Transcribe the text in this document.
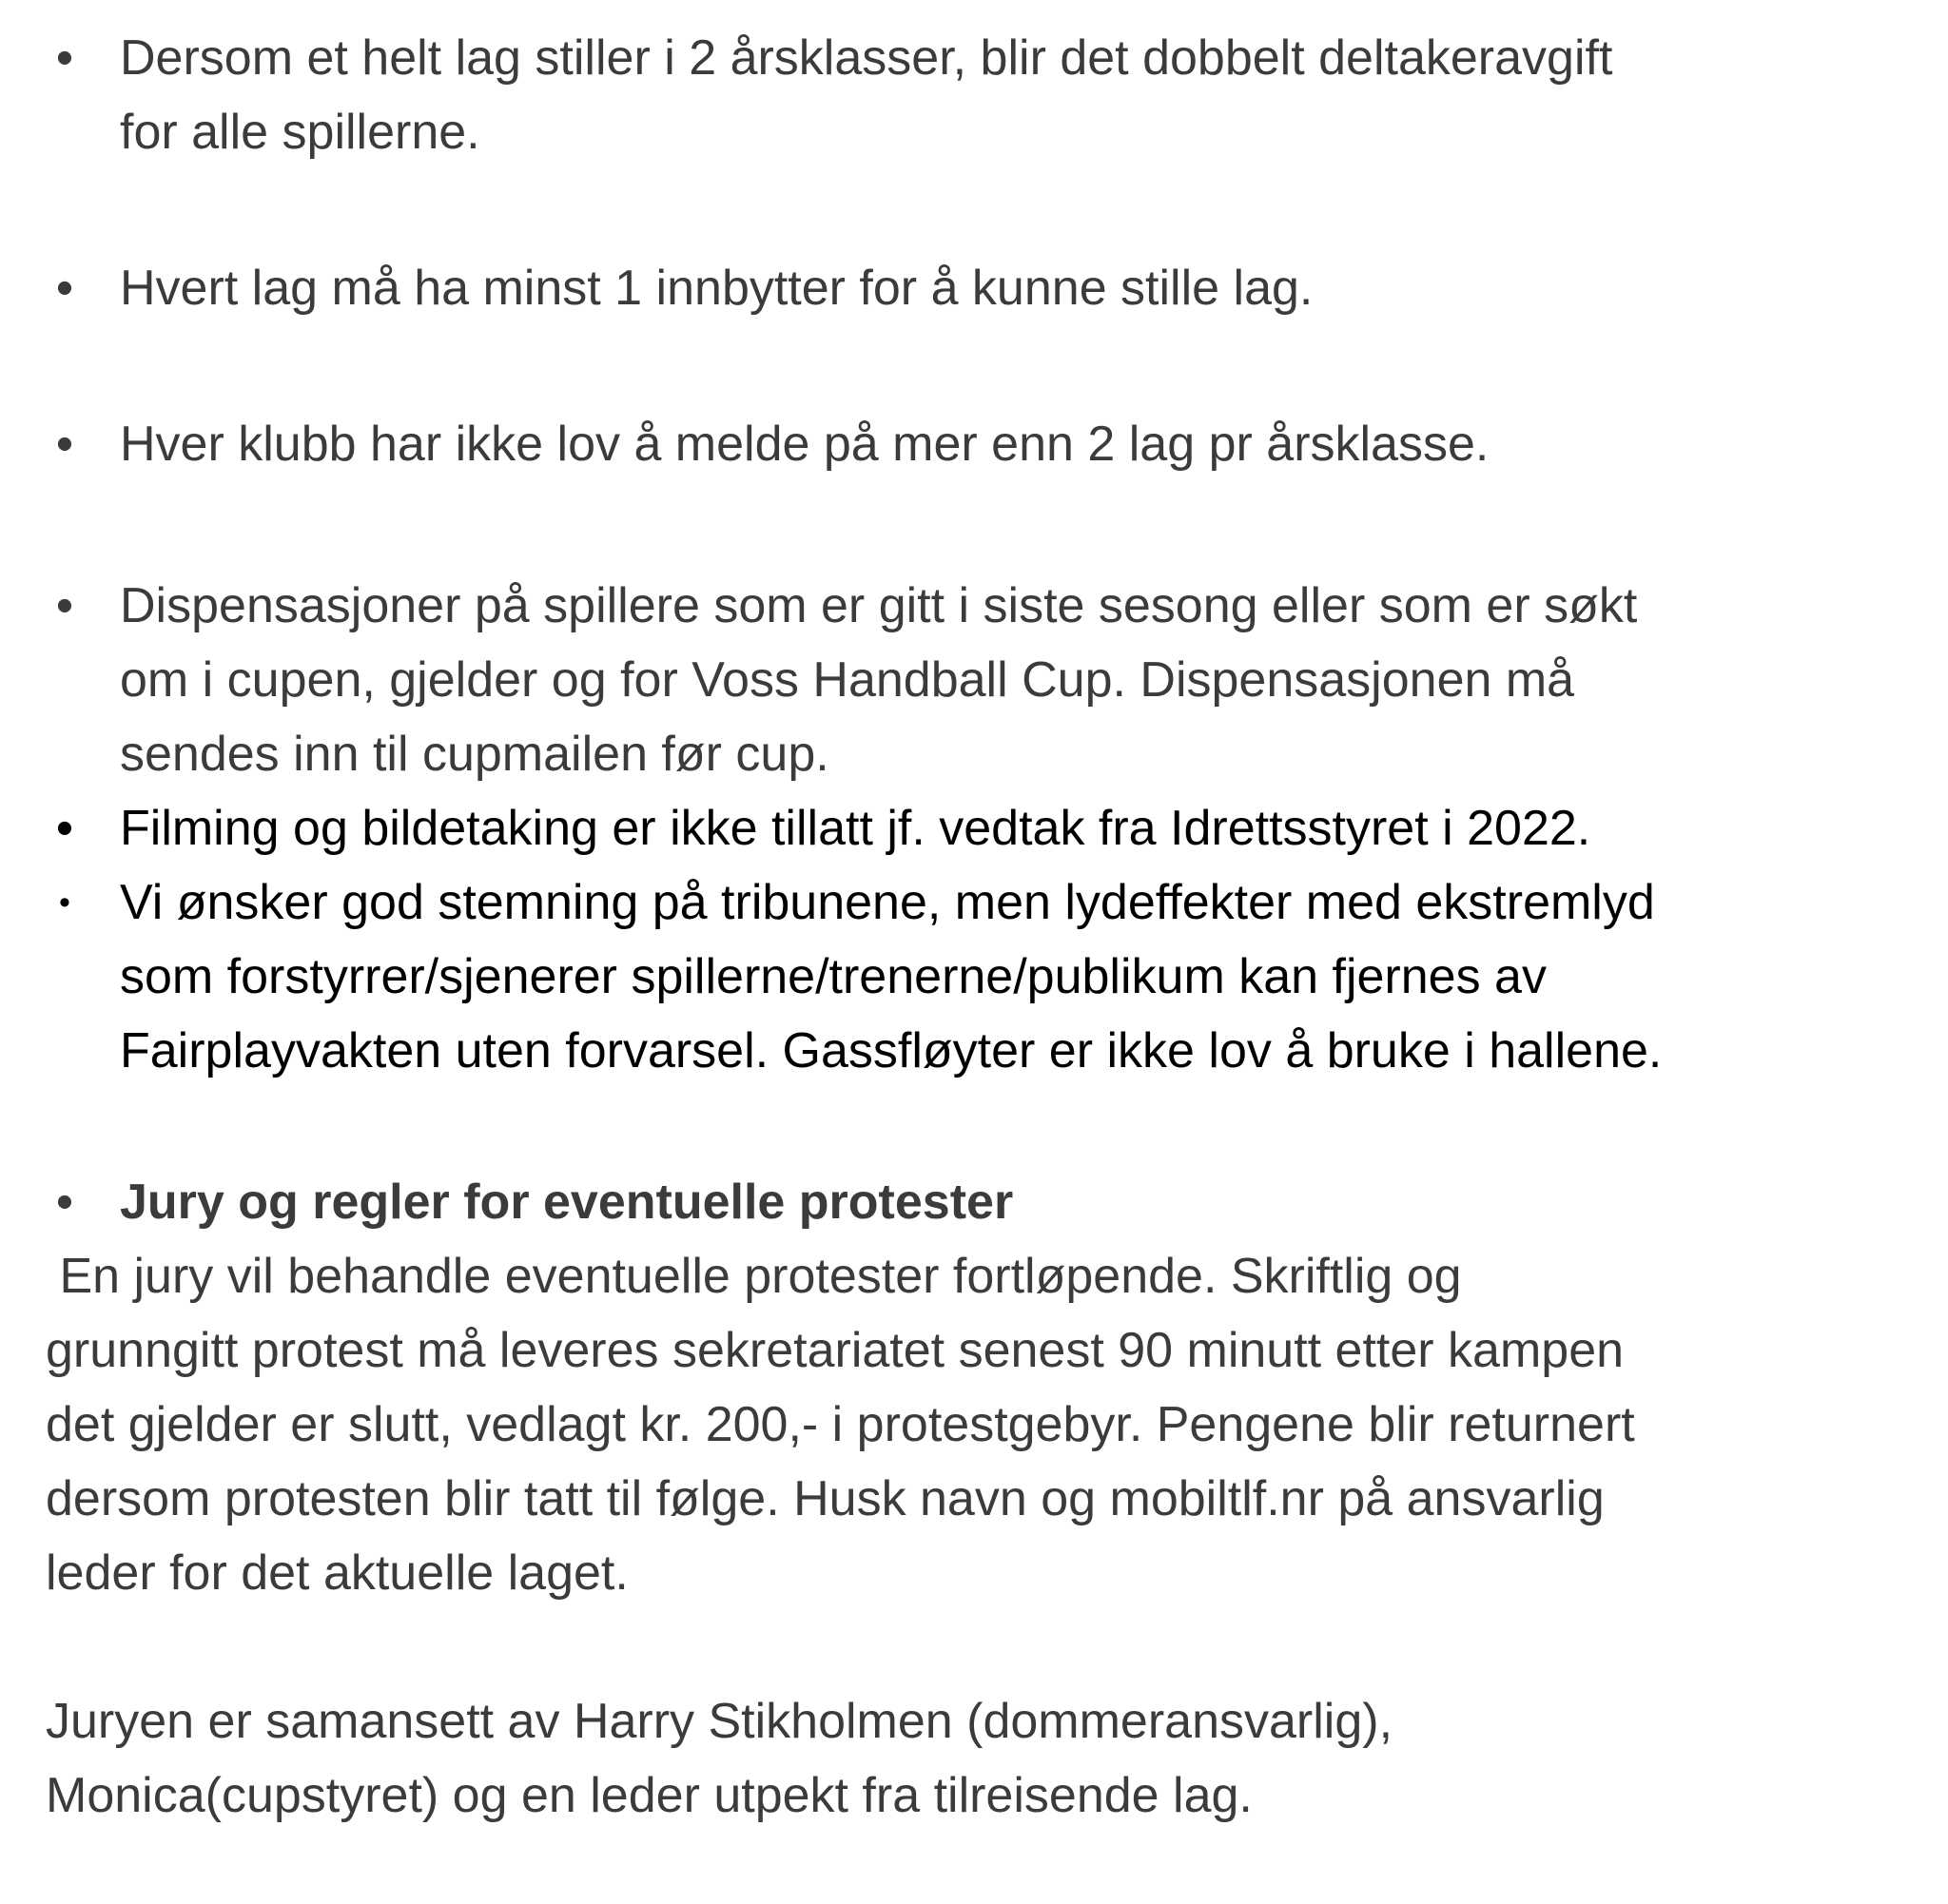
• Dersom et helt lag stiller i 2 årsklasser, blir det dobbelt deltakeravgift
for alle spillerne.

• Hvert lag må ha minst 1 innbytter for å kunne stille lag.

• Hver klubb har ikke lov å melde på mer enn 2 lag pr årsklasse.

• Dispensasjoner på spillere som er gitt i siste sesong eller som er søkt
om i cupen, gjelder og for Voss Handball Cup. Dispensasjonen må
sendes inn til cupmailen før cup.

• Filming og bildetaking er ikke tillatt jf. vedtak fra Idrettsstyret i 2022.

• Vi ønsker god stemning på tribunene, men lydeffekter med ekstremlyd
som forstyrrer/sjenerer spillerne/trenerne/publikum kan fjernes av
Fairplayvakten uten forvarsel. Gassfløyter er ikke lov å bruke i hallene.

• Jury og regler for eventuelle protester

En jury vil behandle eventuelle protester fortløpende. Skriftlig og
grunngitt protest må leveres sekretariatet senest 90 minutt etter kampen
det gjelder er slutt, vedlagt kr. 200,- i protestgebyr. Pengene blir returnert
dersom protesten blir tatt til følge. Husk navn og mobiltlf.nr på ansvarlig
leder for det aktuelle laget.

Juryen er samansett av Harry Stikholmen (dommeransvarlig),
Monica(cupstyret) og en leder utpekt fra tilreisende lag.
